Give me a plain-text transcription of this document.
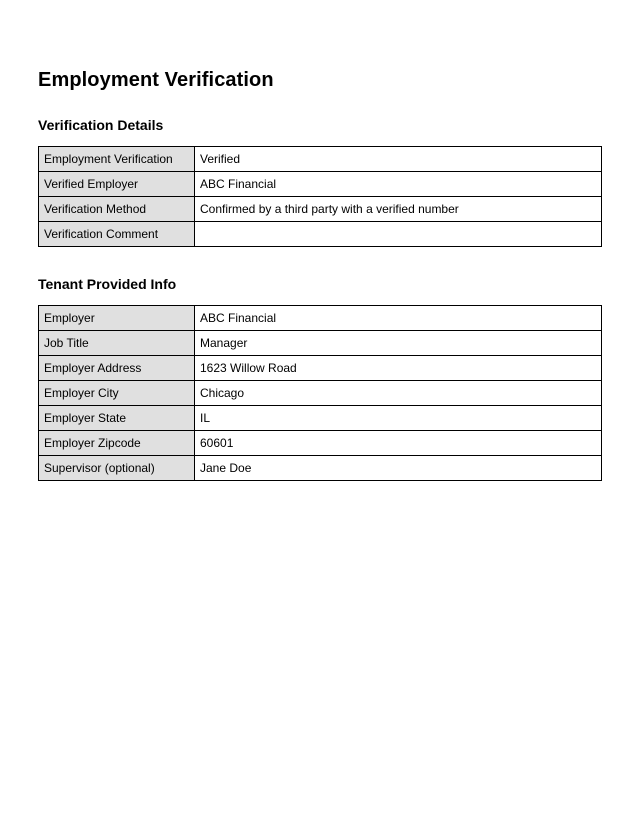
Employment Verification
Verification Details
Employment Verification	Verified
Verified Employer	ABC Financial
Verification Method	Confirmed by a third party with a verified number
Verification Comment	
Tenant Provided Info
Employer	ABC Financial
Job Title	Manager
Employer Address	1623 Willow Road
Employer City	Chicago
Employer State	IL
Employer Zipcode	60601
Supervisor (optional)	Jane Doe
